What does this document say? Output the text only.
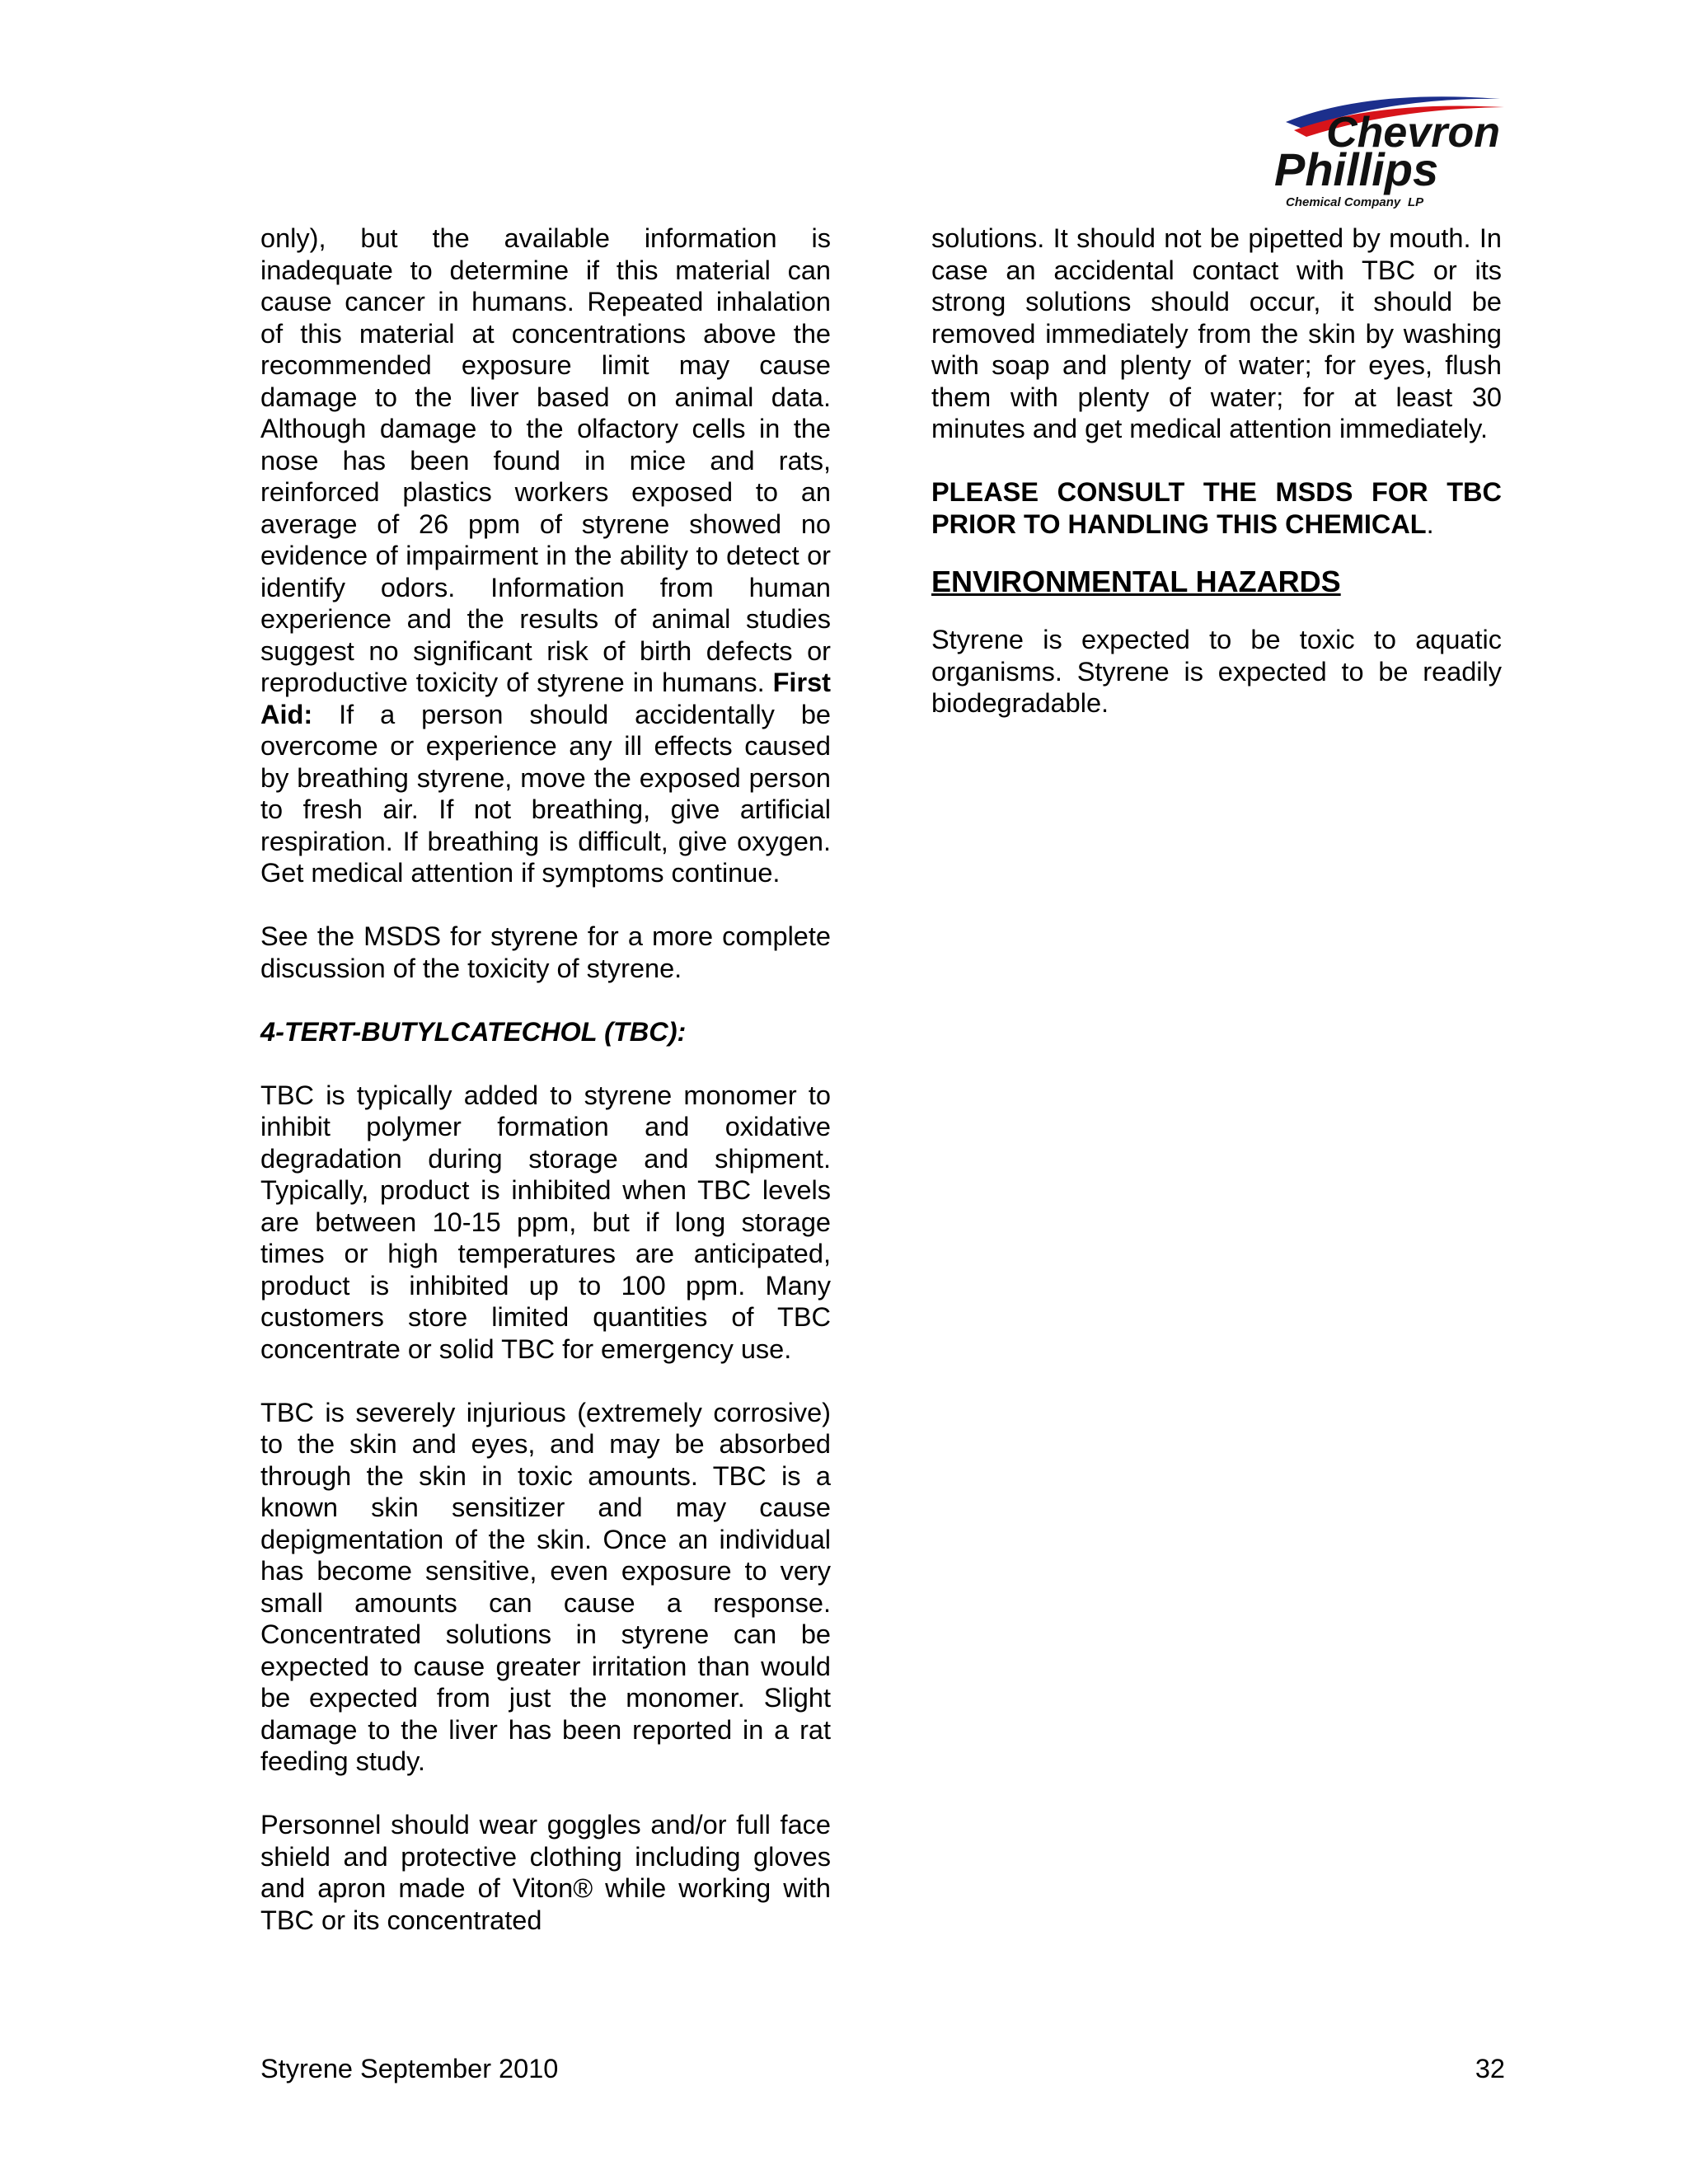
Chevron
Phillips
Chemical Company LP

only), but the available information is inadequate to determine if this material can cause cancer in humans. Repeated inhalation of this material at concentrations above the recommended exposure limit may cause damage to the liver based on animal data. Although damage to the olfactory cells in the nose has been found in mice and rats, reinforced plastics workers exposed to an average of 26 ppm of styrene showed no evidence of impairment in the ability to detect or identify odors. Information from human experience and the results of animal studies suggest no significant risk of birth defects or reproductive toxicity of styrene in humans. First Aid: If a person should accidentally be overcome or experience any ill effects caused by breathing styrene, move the exposed person to fresh air. If not breathing, give artificial respiration. If breathing is difficult, give oxygen. Get medical attention if symptoms continue.

See the MSDS for styrene for a more complete discussion of the toxicity of styrene.

4-TERT-BUTYLCATECHOL (TBC):

TBC is typically added to styrene monomer to inhibit polymer formation and oxidative degradation during storage and shipment. Typically, product is inhibited when TBC levels are between 10-15 ppm, but if long storage times or high temperatures are anticipated, product is inhibited up to 100 ppm. Many customers store limited quantities of TBC concentrate or solid TBC for emergency use.

TBC is severely injurious (extremely corrosive) to the skin and eyes, and may be absorbed through the skin in toxic amounts. TBC is a known skin sensitizer and may cause depigmentation of the skin. Once an individual has become sensitive, even exposure to very small amounts can cause a response. Concentrated solutions in styrene can be expected to cause greater irritation than would be expected from just the monomer. Slight damage to the liver has been reported in a rat feeding study.

Personnel should wear goggles and/or full face shield and protective clothing including gloves and apron made of Viton® while working with TBC or its concentrated

solutions. It should not be pipetted by mouth. In case an accidental contact with TBC or its strong solutions should occur, it should be removed immediately from the skin by washing with soap and plenty of water; for eyes, flush them with plenty of water; for at least 30 minutes and get medical attention immediately.

PLEASE CONSULT THE MSDS FOR TBC PRIOR TO HANDLING THIS CHEMICAL.

ENVIRONMENTAL HAZARDS

Styrene is expected to be toxic to aquatic organisms. Styrene is expected to be readily biodegradable.

Styrene September 2010	32
